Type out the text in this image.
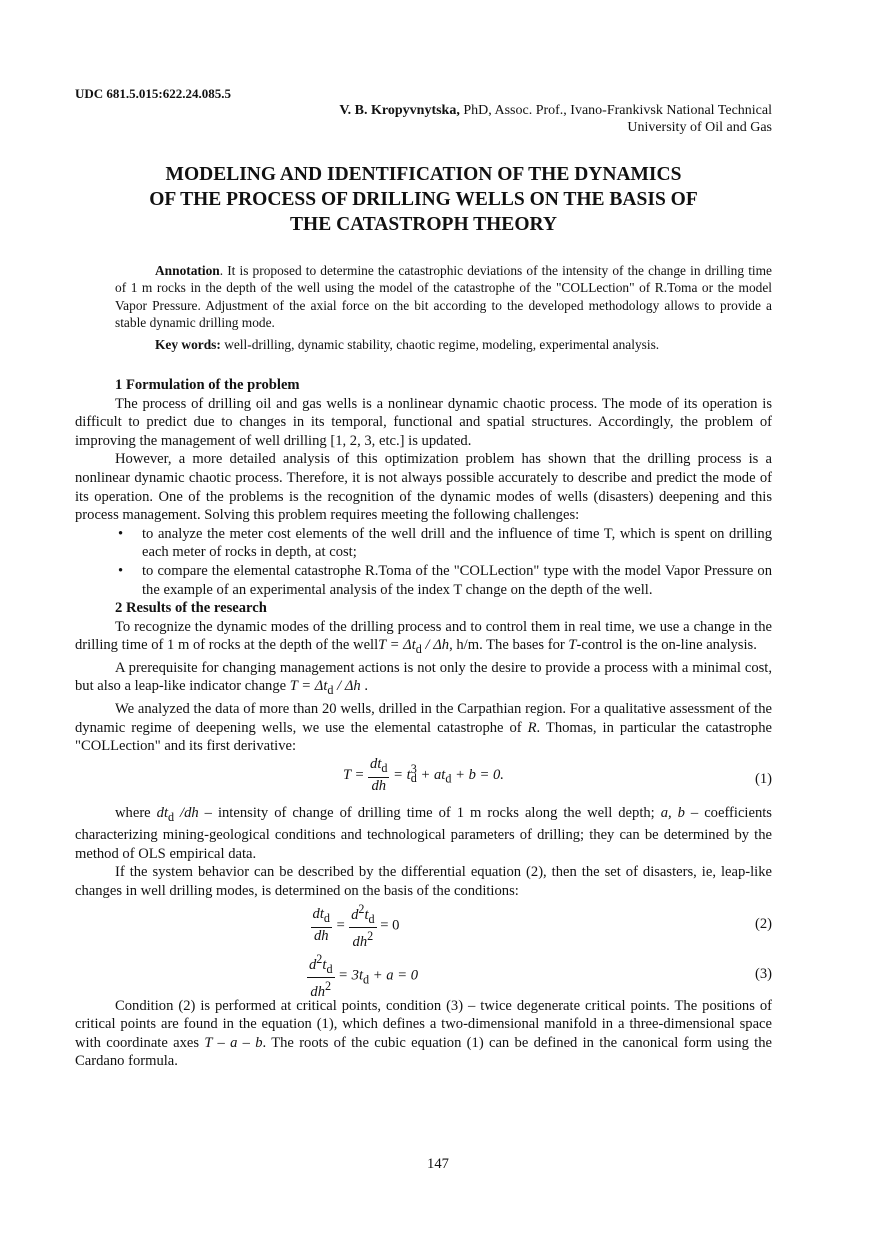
UDC 681.5.015:622.24.085.5
V. B. Kropyvnytska, PhD, Assoc. Prof., Ivano-Frankivsk National Technical
University of Oil and Gas
MODELING AND IDENTIFICATION OF THE DYNAMICS
OF THE PROCESS OF DRILLING WELLS ON THE BASIS OF
THE CATASTROPH THEORY

Annotation. It is proposed to determine the catastrophic deviations of the intensity of the change in drilling time of 1 m rocks in the depth of the well using the model of the catastrophe of the "COLLection" of R.Toma or the model Vapor Pressure. Adjustment of the axial force on the bit according to the developed methodology allows to provide a stable dynamic drilling mode.

Key words: well-drilling, dynamic stability, chaotic regime, modeling, experimental analysis.

1 Formulation of the problem

The process of drilling oil and gas wells is a nonlinear dynamic chaotic process. The mode of its operation is difficult to predict due to changes in its temporal, functional and spatial structures. Accordingly, the problem of improving the management of well drilling [1, 2, 3, etc.] is updated.

However, a more detailed analysis of this optimization problem has shown that the drilling process is a nonlinear dynamic chaotic process. Therefore, it is not always possible accurately to describe and predict the mode of its operation. One of the problems is the recognition of the dynamic modes of wells (disasters) deepening and this process management. Solving this problem requires meeting the following challenges:

• to analyze the meter cost elements of the well drill and the influence of time T, which is spent on drilling each meter of rocks in depth, at cost;
• to compare the elemental catastrophe R.Toma of the "COLLection" type with the model Vapor Pressure on the example of an experimental analysis of the index T change on the depth of the well.
2 Results of the research

To recognize the dynamic modes of the drilling process and to control them in real time, we use a change in the drilling time of 1 m of rocks at the depth of the wellT = $\Delta t_d$ / Δh, h/m. The bases for T-control is the on-line analysis.

A prerequisite for changing management actions is not only the desire to provide a process with a minimal cost, but also a leap-like indicator change $T = \Delta t_d / \Delta h$ .

We analyzed the data of more than 20 wells, drilled in the Carpathian region. For a qualitative assessment of the dynamic regime of deepening wells, we use the elemental catastrophe of R. Thomas, in particular the catastrophe "COLLection" and its first derivative:

$T = \frac{dt_d}{dh} = t_d^3 + at_d + b = 0$.	(1)

where $dt_d$ /dh – intensity of change of drilling time of 1 m rocks along the well depth; a, b – coefficients characterizing mining-geological conditions and technological parameters of drilling; they can be determined by the method of OLS empirical data.

If the system behavior can be described by the differential equation (2), then the set of disasters, ie, leap-like changes in well drilling modes, is determined on the basis of the conditions:

$\frac{dt_d}{dh} = \frac{d^2t_d}{dh^2} = 0$	(2)
$\frac{d^2t_d}{dh^2} = 3t_d + a = 0$	(3)

Condition (2) is performed at critical points, condition (3) – twice degenerate critical points. The positions of critical points are found in the equation (1), which defines a two-dimensional manifold in a three-dimensional space with coordinate axes T – a – b. The roots of the cubic equation (1) can be defined in the canonical form using the Cardano formula.

147
